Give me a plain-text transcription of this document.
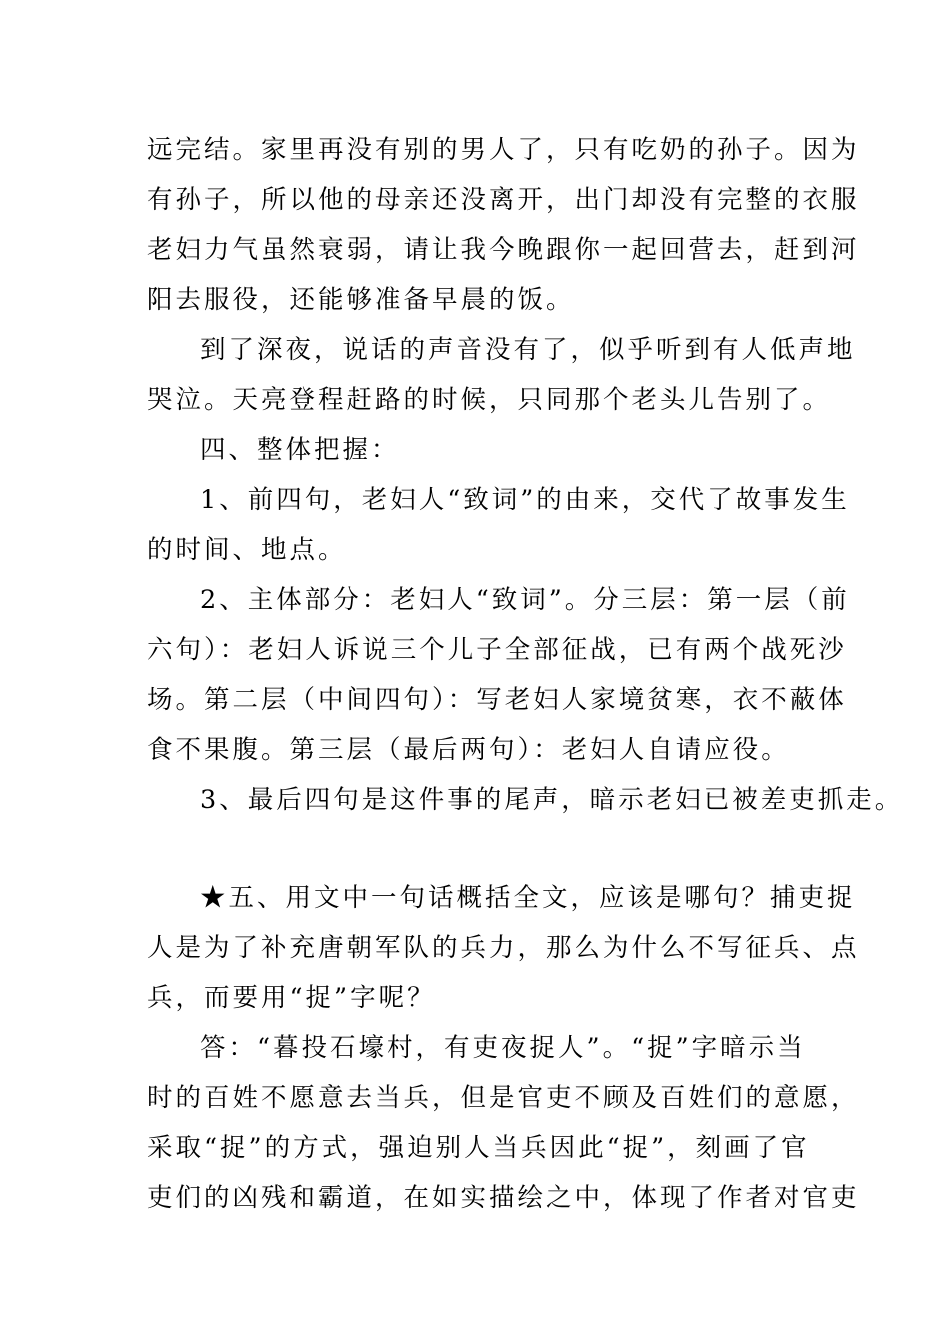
远完结。家里再没有别的男人了，只有吃奶的孙子。因为
有孙子，所以他的母亲还没离开，出门却没有完整的衣服
老妇力气虽然衰弱，请让我今晚跟你一起回营去，赶到河
阳去服役，还能够准备早晨的饭。
到了深夜，说话的声音没有了，似乎听到有人低声地
哭泣。天亮登程赶路的时候，只同那个老头儿告别了。
四、整体把握：
1、前四句，老妇人“致词”的由来，交代了故事发生
的时间、地点。
2、主体部分：老妇人“致词”。分三层：第一层（前
六句）：老妇人诉说三个儿子全部征战，已有两个战死沙
场。第二层（中间四句）：写老妇人家境贫寒，衣不蔽体
食不果腹。第三层（最后两句）：老妇人自请应役。
3、最后四句是这件事的尾声，暗示老妇已被差吏抓走。
★五、用文中一句话概括全文，应该是哪句？捕吏捉
人是为了补充唐朝军队的兵力，那么为什么不写征兵、点
兵，而要用“捉”字呢？
答：“暮投石壕村，有吏夜捉人”。“捉”字暗示当
时的百姓不愿意去当兵，但是官吏不顾及百姓们的意愿，
采取“捉”的方式，强迫别人当兵因此“捉”，刻画了官
吏们的凶残和霸道，在如实描绘之中，体现了作者对官吏
